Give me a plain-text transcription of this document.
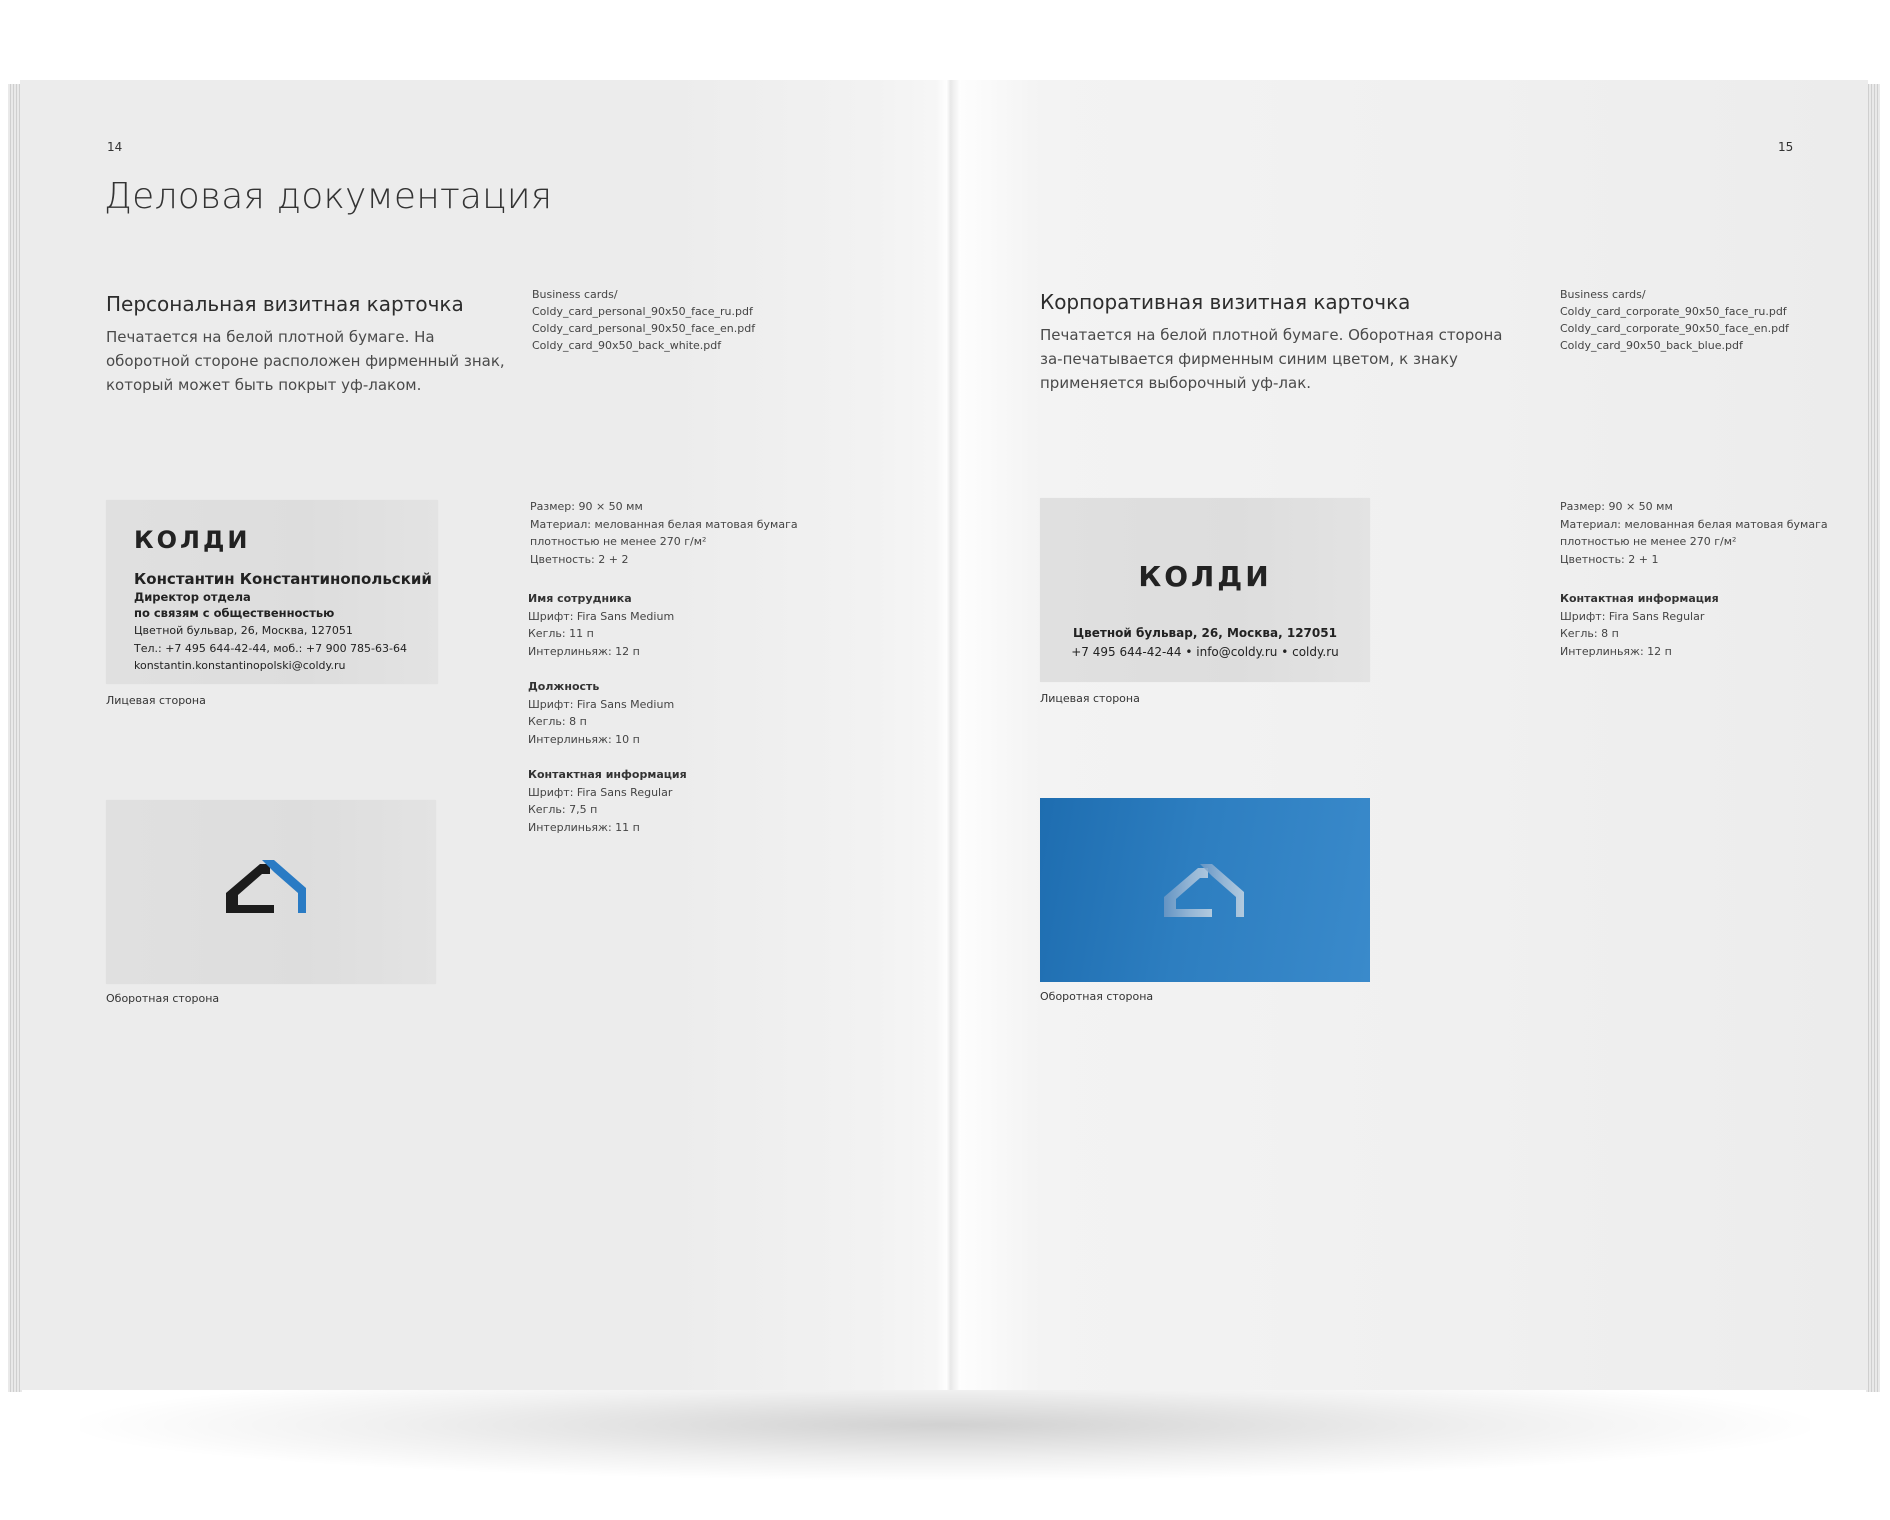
14
Деловая документация
Персональная визитная карточка
Печатается на белой плотной бумаге. На оборотной стороне расположен фирменный знак, который может быть покрыт уф-лаком.
Business cards/
Coldy_card_personal_90x50_face_ru.pdf
Coldy_card_personal_90x50_face_en.pdf
Coldy_card_90x50_back_white.pdf
КОЛДИ
Константин Константинопольский
Директор отдела
по связям с общественностью
Цветной бульвар, 26, Москва, 127051
Тел.: +7 495 644-42-44, моб.: +7 900 785-63-64
konstantin.konstantinopolski@coldy.ru
Лицевая сторона
Оборотная сторона
Размер: 90 × 50 мм
Материал: мелованная белая матовая бумага
плотностью не менее 270 г/м²
Цветность: 2 + 2
Имя сотрудника
Шрифт: Fira Sans Medium
Кегль: 11 п
Интерлиньяж: 12 п
Должность
Шрифт: Fira Sans Medium
Кегль: 8 п
Интерлиньяж: 10 п
Контактная информация
Шрифт: Fira Sans Regular
Кегль: 7,5 п
Интерлиньяж: 11 п
15
Корпоративная визитная карточка
Печатается на белой плотной бумаге. Оборотная сторона за-печатывается фирменным синим цветом, к знаку применяется выборочный уф-лак.
Business cards/
Coldy_card_corporate_90x50_face_ru.pdf
Coldy_card_corporate_90x50_face_en.pdf
Coldy_card_90x50_back_blue.pdf
КОЛДИ
Цветной бульвар, 26, Москва, 127051
+7 495 644-42-44 • info@coldy.ru • coldy.ru
Лицевая сторона
Оборотная сторона
Размер: 90 × 50 мм
Материал: мелованная белая матовая бумага
плотностью не менее 270 г/м²
Цветность: 2 + 1
Контактная информация
Шрифт: Fira Sans Regular
Кегль: 8 п
Интерлиньяж: 12 п
